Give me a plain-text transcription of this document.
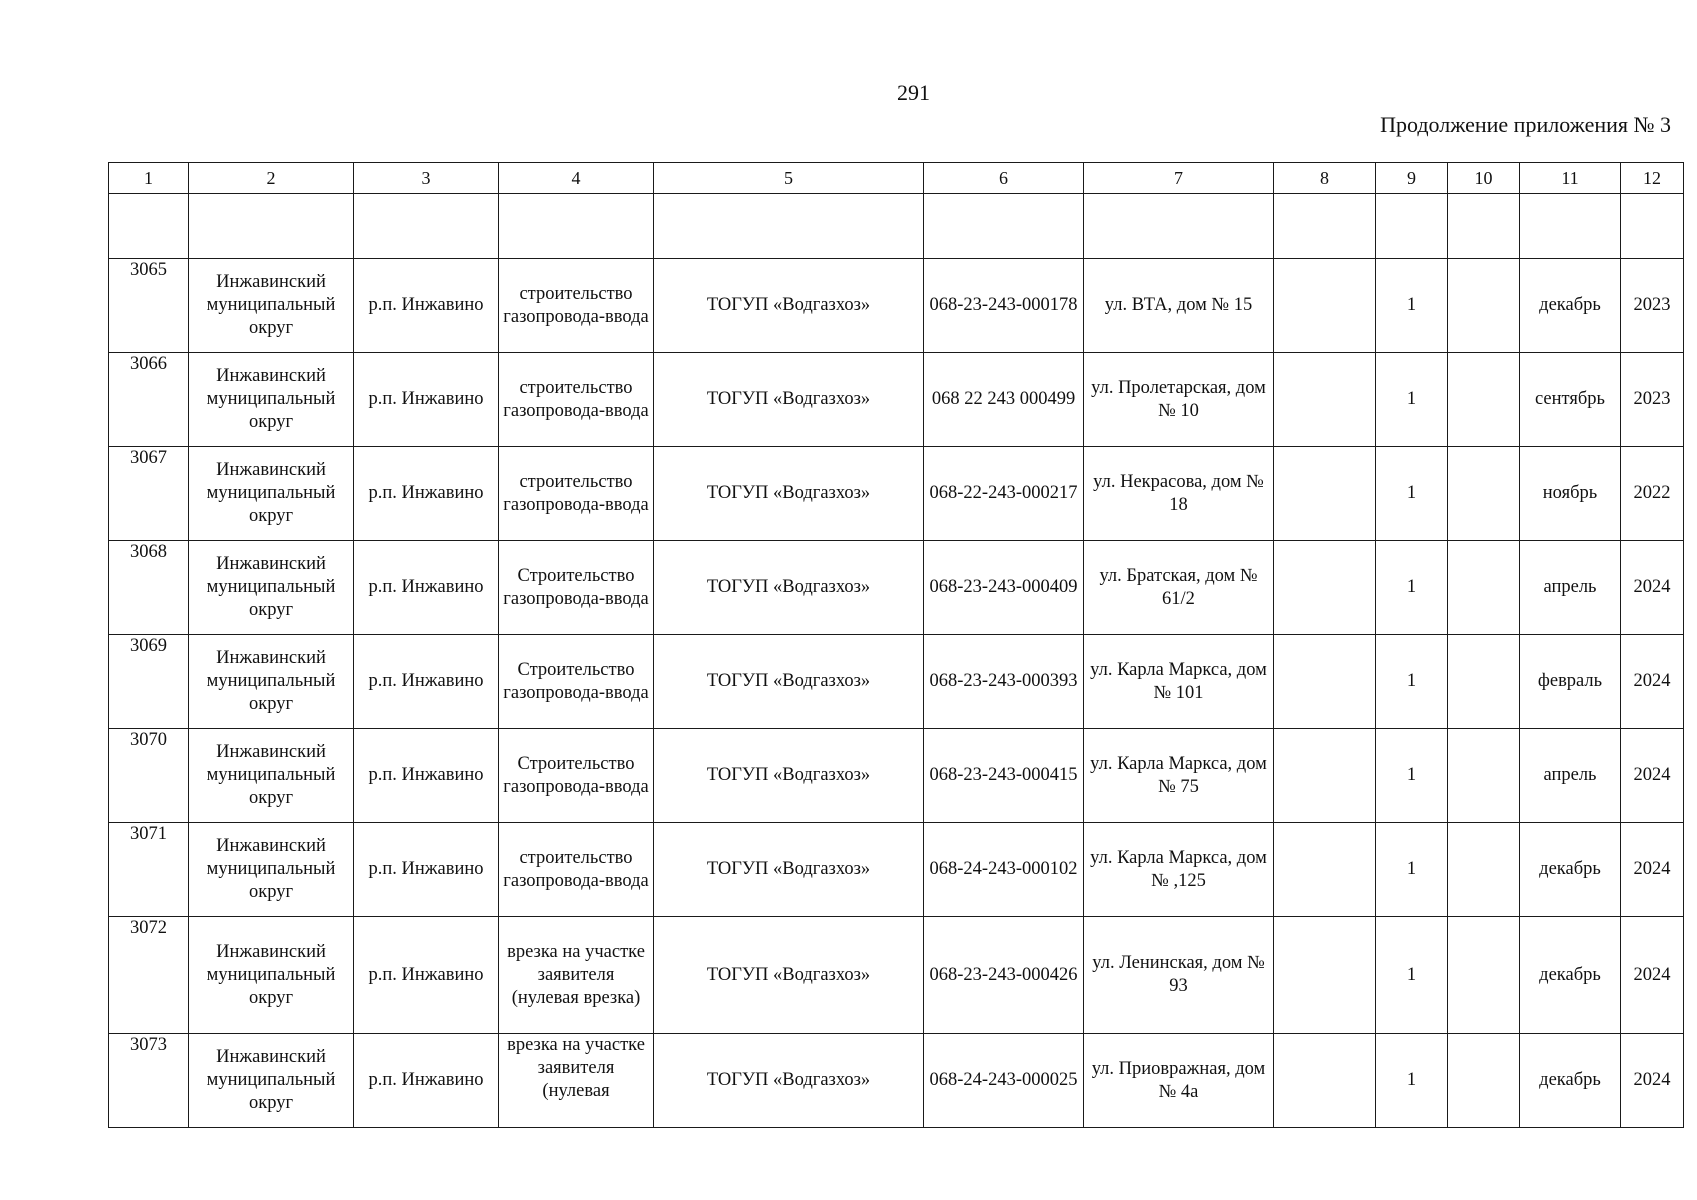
291
Продолжение приложения № 3
1	2	3	4	5	6	7	8	9	10	11	12

3065	Инжавинский муниципальный округ	р.п. Инжавино	строительство газопровода-ввода	ТОГУП «Водгазхоз»	068-23-243-000178	ул. ВТА, дом № 15		1		декабрь	2023
3066	Инжавинский муниципальный округ	р.п. Инжавино	строительство газопровода-ввода	ТОГУП «Водгазхоз»	068 22 243 000499	ул. Пролетарская, дом № 10		1		сентябрь	2023
3067	Инжавинский муниципальный округ	р.п. Инжавино	строительство газопровода-ввода	ТОГУП «Водгазхоз»	068-22-243-000217	ул. Некрасова, дом № 18		1		ноябрь	2022
3068	Инжавинский муниципальный округ	р.п. Инжавино	Строительство газопровода-ввода	ТОГУП «Водгазхоз»	068-23-243-000409	ул. Братская, дом № 61/2		1		апрель	2024
3069	Инжавинский муниципальный округ	р.п. Инжавино	Строительство газопровода-ввода	ТОГУП «Водгазхоз»	068-23-243-000393	ул. Карла Маркса, дом № 101		1		февраль	2024
3070	Инжавинский муниципальный округ	р.п. Инжавино	Строительство газопровода-ввода	ТОГУП «Водгазхоз»	068-23-243-000415	ул. Карла Маркса, дом № 75		1		апрель	2024
3071	Инжавинский муниципальный округ	р.п. Инжавино	строительство газопровода-ввода	ТОГУП «Водгазхоз»	068-24-243-000102	ул. Карла Маркса, дом № ,125		1		декабрь	2024
3072	Инжавинский муниципальный округ	р.п. Инжавино	врезка на участке заявителя (нулевая врезка)	ТОГУП «Водгазхоз»	068-23-243-000426	ул. Ленинская, дом № 93		1		декабрь	2024
3073	Инжавинский муниципальный округ	р.п. Инжавино	врезка на участке заявителя (нулевая	ТОГУП «Водгазхоз»	068-24-243-000025	ул. Приовражная, дом № 4а		1		декабрь	2024
